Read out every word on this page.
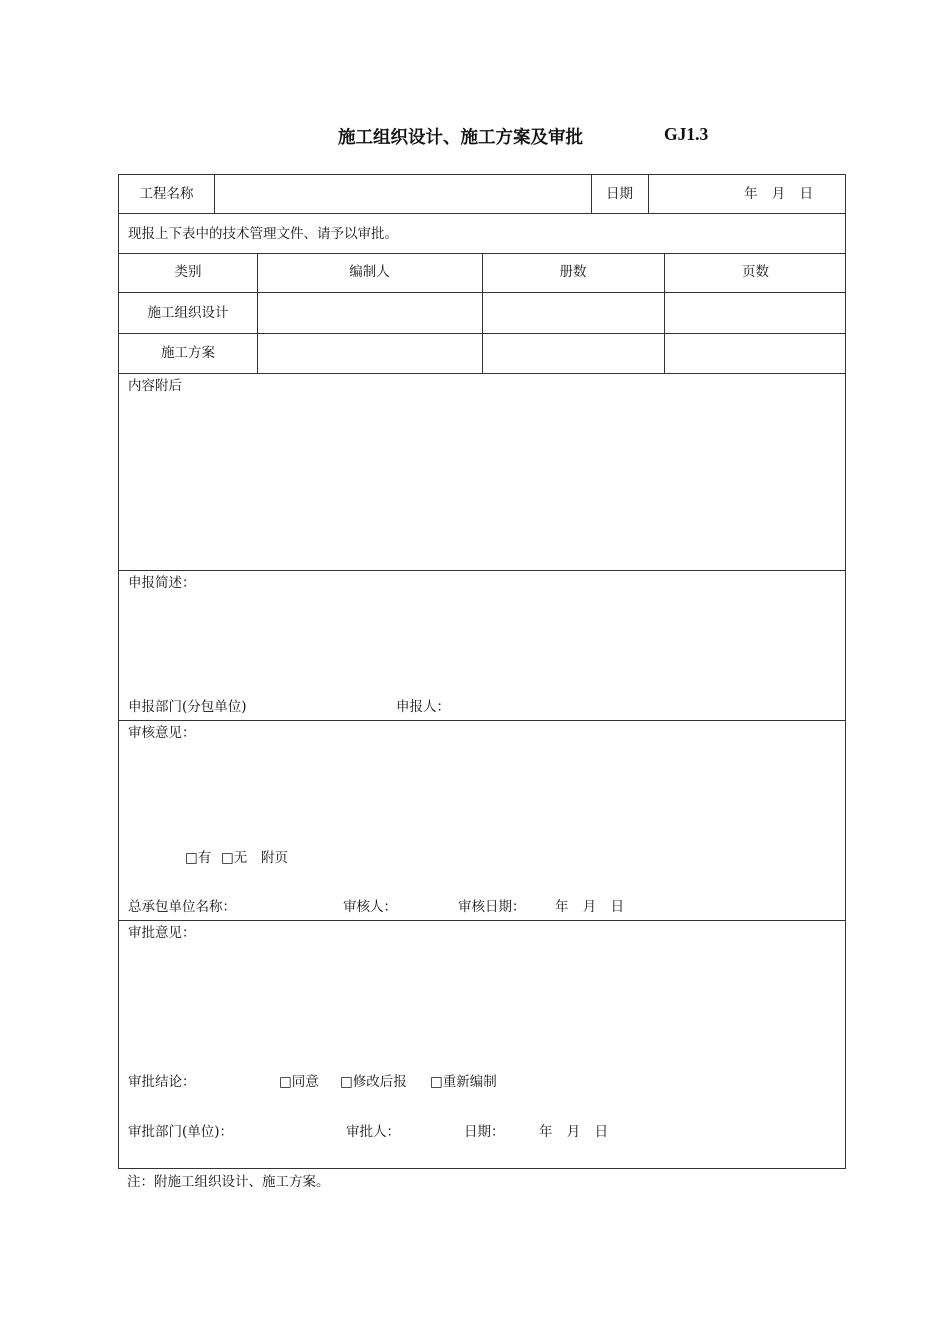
施工组织设计、施工方案及审批	GJ1.3
工程名称	日期	年 月 日
现报上下表中的技术管理文件、请予以审批。
类别	编制人	册数	页数
施工组织设计
施工方案
内容附后
申报简述：
申报部门(分包单位)	申报人：
审核意见：
□有 □无 附页
总承包单位名称：	审核人：	审核日期： 年 月 日
审批意见：
审批结论：	□同意 □修改后报 □重新编制
审批部门(单位)：	审批人：	日期：	年 月 日
注：附施工组织设计、施工方案。
